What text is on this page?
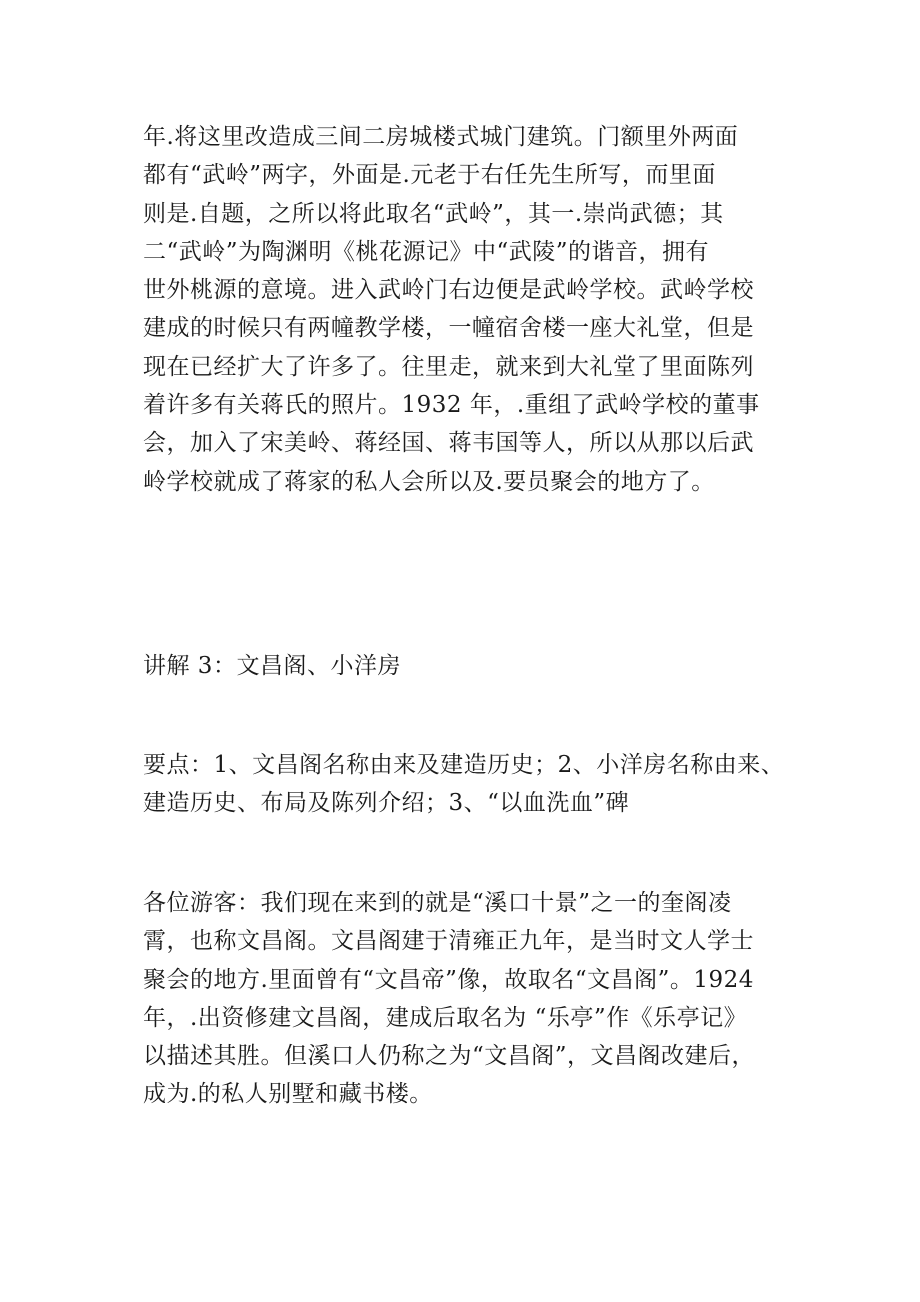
年.将这里改造成三间二房城楼式城门建筑。门额里外两面
都有“武岭”两字，外面是.元老于右任先生所写，而里面
则是.自题，之所以将此取名“武岭”，其一.崇尚武德；其
二“武岭”为陶渊明《桃花源记》中“武陵”的谐音，拥有
世外桃源的意境。进入武岭门右边便是武岭学校。武岭学校
建成的时候只有两幢教学楼，一幢宿舍楼一座大礼堂，但是
现在已经扩大了许多了。往里走，就来到大礼堂了里面陈列
着许多有关蒋氏的照片。1932 年，.重组了武岭学校的董事
会，加入了宋美岭、蒋经国、蒋韦国等人，所以从那以后武
岭学校就成了蒋家的私人会所以及.要员聚会的地方了。
讲解 3：文昌阁、小洋房
要点：1、文昌阁名称由来及建造历史；2、小洋房名称由来、
建造历史、布局及陈列介绍；3、“以血洗血”碑
各位游客：我们现在来到的就是“溪口十景”之一的奎阁凌
霄，也称文昌阁。文昌阁建于清雍正九年，是当时文人学士
聚会的地方.里面曾有“文昌帝”像，故取名“文昌阁”。1924
年，.出资修建文昌阁，建成后取名为 “乐亭”作《乐亭记》
以描述其胜。但溪口人仍称之为“文昌阁”，文昌阁改建后，
成为.的私人别墅和藏书楼。
